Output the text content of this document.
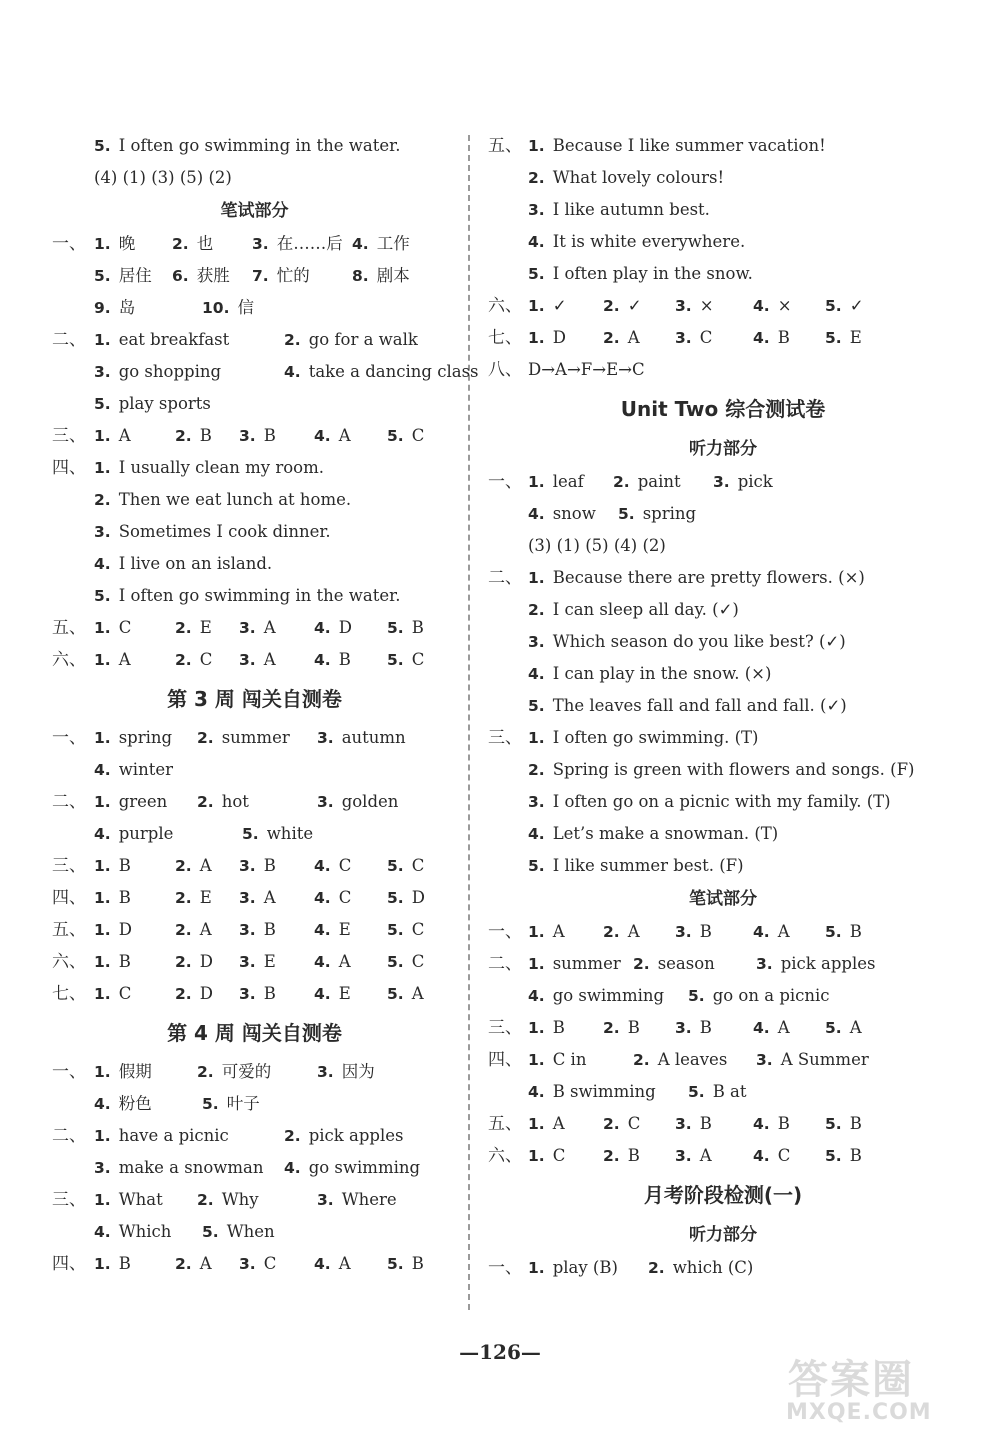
5. I often go swimming in the water.
(4) (1) (3) (5) (2)
笔试部分
一、 1. 晚 2. 也	3. 在……后 4. 工作
5. 居住 6. 获胜 7. 忙的	8. 剧本
9. 岛	10. 信
二、 1. eat breakfast	2. go for a walk
3. go shopping	4. take a dancing class
5. play sports
三、 1. A	2. B 3. B 4. A 5. C
四、 1. I usually clean my room.
2. Then we eat lunch at home.
3. Sometimes I cook dinner.
4. I live on an island.
5. I often go swimming in the water.
五、 1. C	2. E 3. A 4. D 5. B
六、 1. A	2. C 3. A 4. B 5. C
第 3 周 闯关自测卷
一、 1. spring 2. summer 3. autumn
4. winter
二、 1. green 2. hot	3. golden
4. purple	5. white
三、 1. B	2. A 3. B 4. C 5. C
四、 1. B	2. E 3. A 4. C 5. D
五、 1. D	2. A 3. B 4. E 5. C
六、 1. B	2. D 3. E 4. A 5. C
七、 1. C	2. D 3. B 4. E 5. A
第 4 周 闯关自测卷
一、 1. 假期	2. 可爱的	3. 因为
4. 粉色	5. 叶子
二、 1. have a picnic	2. pick apples
3. make a snowman 4. go swimming
三、 1. What 2. Why	3. Where
4. Which 5. When
四、 1. B	2. A 3. C 4. A 5. B
五、 1. Because I like summer vacation!
2. What lovely colours!
3. I like autumn best.
4. It is white everywhere.
5. I often play in the snow.
六、 1. ✓ 2. ✓ 3. ×	4. × 5. ✓
七、 1. D 2. A 3. C	4. B 5. E
八、 D→A→F→E→C
Unit Two 综合测试卷
听力部分
一、 1. leaf 2. paint 3. pick
4. snow 5. spring
(3) (1) (5) (4) (2)
二、 1. Because there are pretty flowers. (×)
2. I can sleep all day. (✓)
3. Which season do you like best? (✓)
4. I can play in the snow. (×)
5. The leaves fall and fall and fall. (✓)
三、 1. I often go swimming. (T)
2. Spring is green with flowers and songs. (F)
3. I often go on a picnic with my family. (T)
4. Let’s make a snowman. (T)
5. I like summer best. (F)
笔试部分
一、 1. A 2. A 3. B	4. A 5. B
二、 1. summer 2. season	3. pick apples
4. go swimming 5. go on a picnic
三、 1. B 2. B 3. B	4. A 5. A
四、 1. C in	2. A leaves 3. A Summer
4. B swimming 5. B at
五、 1. A 2. C 3. B	4. B 5. B
六、 1. C 2. B 3. A	4. C 5. B
月考阶段检测(一)
听力部分
一、 1. play (B) 2. which (C)
—126—
答案圈
MXQE.COM
